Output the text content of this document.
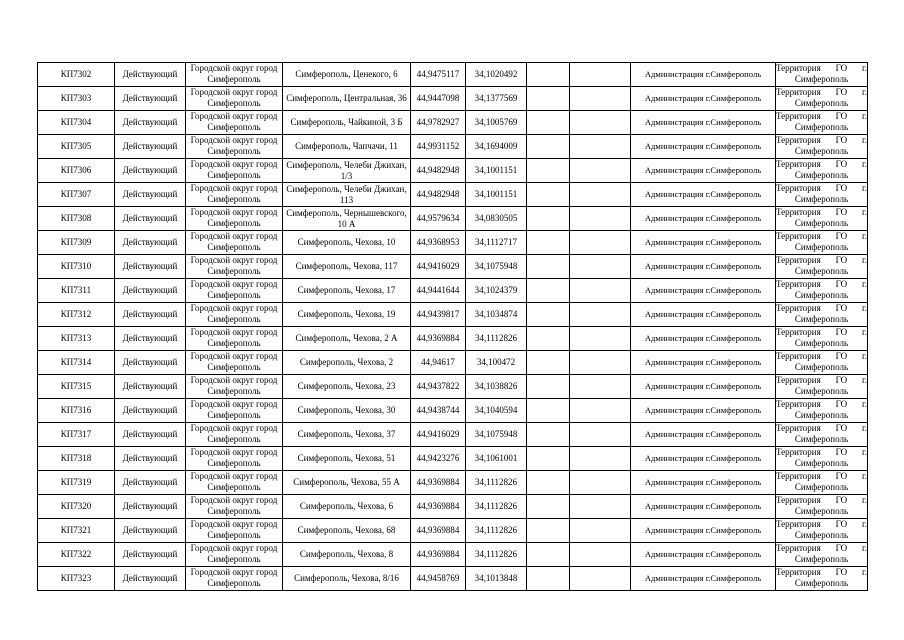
КП7302	Действующий	Городской округ город Симферополь	Симферополь, Ценекого, 6	44,9475117	34,1020492			Администрация г.Симферополь	Территория ГО г. Симферополь
КП7303	Действующий	Городской округ город Симферополь	Симферополь, Центральная, 36	44,9447098	34,1377569			Администрация г.Симферополь	Территория ГО г. Симферополь
КП7304	Действующий	Городской округ город Симферополь	Симферополь, Чайкиной, 3 Б	44,9782927	34,1005769			Администрация г.Симферополь	Территория ГО г. Симферополь
КП7305	Действующий	Городской округ город Симферополь	Симферополь, Чапчачи, 11	44,9931152	34,1694009			Администрация г.Симферополь	Территория ГО г. Симферополь
КП7306	Действующий	Городской округ город Симферополь	Симферополь, Челеби Джихан, 1/3	44,9482948	34,1001151			Администрация г.Симферополь	Территория ГО г. Симферополь
КП7307	Действующий	Городской округ город Симферополь	Симферополь, Челеби Джихан, 113	44,9482948	34,1001151			Администрация г.Симферополь	Территория ГО г. Симферополь
КП7308	Действующий	Городской округ город Симферополь	Симферополь, Чернышевского, 10 А	44,9579634	34,0830505			Администрация г.Симферополь	Территория ГО г. Симферополь
КП7309	Действующий	Городской округ город Симферополь	Симферополь, Чехова, 10	44,9368953	34,1112717			Администрация г.Симферополь	Территория ГО г. Симферополь
КП7310	Действующий	Городской округ город Симферополь	Симферополь, Чехова, 117	44,9416029	34,1075948			Администрация г.Симферополь	Территория ГО г. Симферополь
КП7311	Действующий	Городской округ город Симферополь	Симферополь, Чехова, 17	44,9441644	34,1024379			Администрация г.Симферополь	Территория ГО г. Симферополь
КП7312	Действующий	Городской округ город Симферополь	Симферополь, Чехова, 19	44,9439817	34,1034874			Администрация г.Симферополь	Территория ГО г. Симферополь
КП7313	Действующий	Городской округ город Симферополь	Симферополь, Чехова, 2 А	44,9369884	34,1112826			Администрация г.Симферополь	Территория ГО г. Симферополь
КП7314	Действующий	Городской округ город Симферополь	Симферополь, Чехова, 2	44,94617	34,100472			Администрация г.Симферополь	Территория ГО г. Симферополь
КП7315	Действующий	Городской округ город Симферополь	Симферополь, Чехова, 23	44,9437822	34,1038826			Администрация г.Симферополь	Территория ГО г. Симферополь
КП7316	Действующий	Городской округ город Симферополь	Симферополь, Чехова, 30	44,9438744	34,1040594			Администрация г.Симферополь	Территория ГО г. Симферополь
КП7317	Действующий	Городской округ город Симферополь	Симферополь, Чехова, 37	44,9416029	34,1075948			Администрация г.Симферополь	Территория ГО г. Симферополь
КП7318	Действующий	Городской округ город Симферополь	Симферополь, Чехова, 51	44,9423276	34,1061001			Администрация г.Симферополь	Территория ГО г. Симферополь
КП7319	Действующий	Городской округ город Симферополь	Симферополь, Чехова, 55 А	44,9369884	34,1112826			Администрация г.Симферополь	Территория ГО г. Симферополь
КП7320	Действующий	Городской округ город Симферополь	Симферополь, Чехова, 6	44,9369884	34,1112826			Администрация г.Симферополь	Территория ГО г. Симферополь
КП7321	Действующий	Городской округ город Симферополь	Симферополь, Чехова, 68	44,9369884	34,1112826			Администрация г.Симферополь	Территория ГО г. Симферополь
КП7322	Действующий	Городской округ город Симферополь	Симферополь, Чехова, 8	44,9369884	34,1112826			Администрация г.Симферополь	Территория ГО г. Симферополь
КП7323	Действующий	Городской округ город Симферополь	Симферополь, Чехова, 8/16	44,9458769	34,1013848			Администрация г.Симферополь	Территория ГО г. Симферополь
